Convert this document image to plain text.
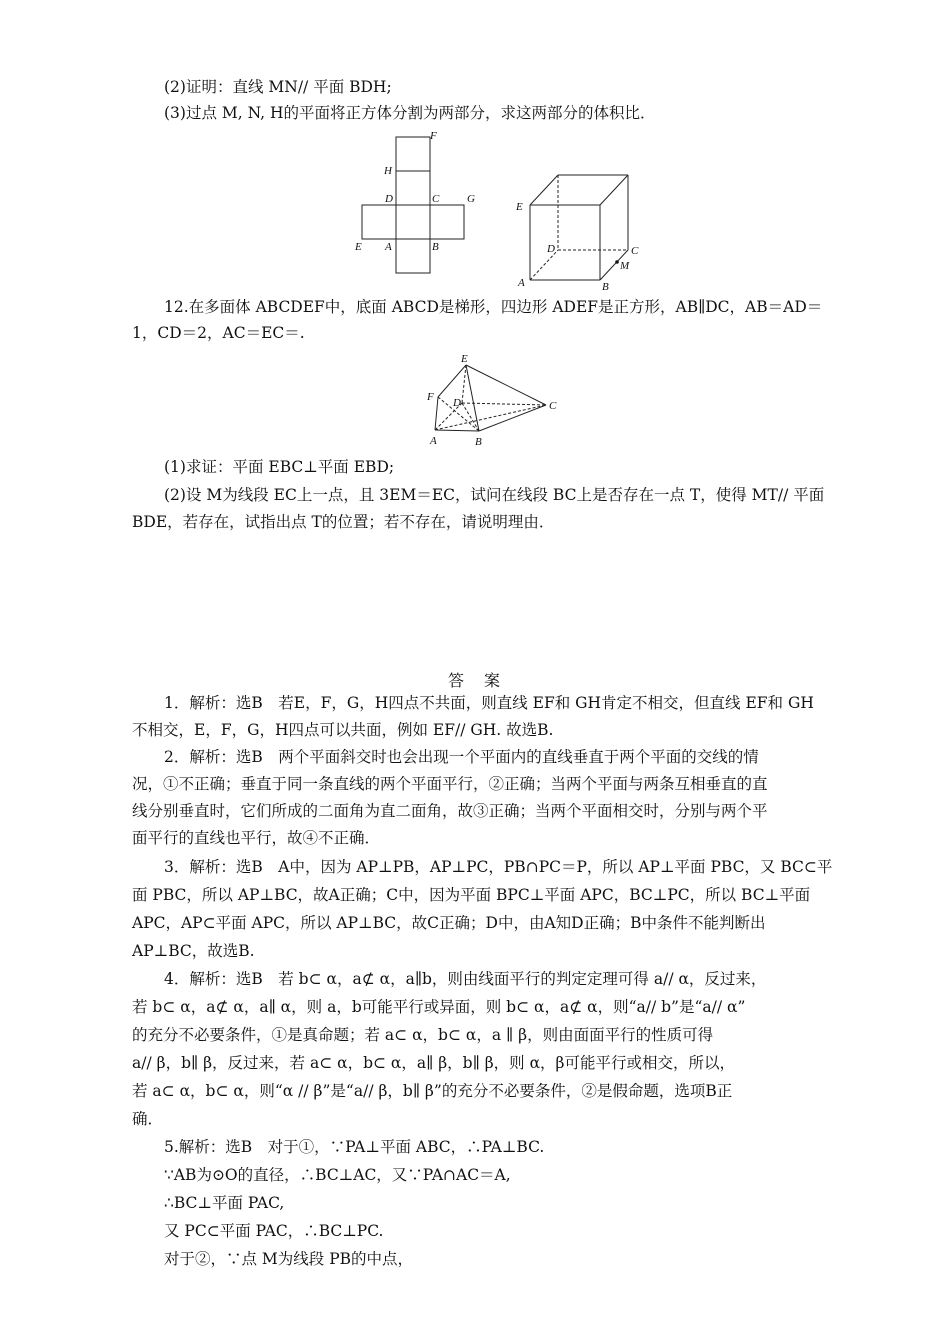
(2)证明：直线 MN// 平面 BDH;
(3)过点 M, N, H的平面将正方体分割为两部分，求这两部分的体积比．
F
H
D	C	G
E A	B
E
D	C
M
A	B
12.在多面体 ABCDEF中，底面 ABCD是梯形，四边形 ADEF是正方形，AB∥DC，AB＝AD＝
1，CD＝2，AC＝EC＝.
E
F D	C
A	B
(1)求证：平面 EBC⊥平面 EBD;
(2)设 M为线段 EC上一点，且 3EM＝EC，试问在线段 BC上是否存在一点 T，使得 MT// 平面
BDE，若存在，试指出点 T的位置；若不存在，请说明理由．
答　案
1．解析：选B　若E，F，G，H四点不共面，则直线 EF和 GH肯定不相交，但直线 EF和 GH
不相交，E，F，G，H四点可以共面，例如 EF// GH. 故选B.
2．解析：选B　两个平面斜交时也会出现一个平面内的直线垂直于两个平面的交线的情
况，①不正确；垂直于同一条直线的两个平面平行，②正确；当两个平面与两条互相垂直的直
线分别垂直时，它们所成的二面角为直二面角，故③正确；当两个平面相交时，分别与两个平
面平行的直线也平行，故④不正确．
3．解析：选B　A中，因为 AP⊥PB，AP⊥PC，PB∩PC＝P，所以 AP⊥平面 PBC，又 BC⊂平
面 PBC，所以 AP⊥BC，故A正确；C中，因为平面 BPC⊥平面 APC，BC⊥PC，所以 BC⊥平面
APC，AP⊂平面 APC，所以 AP⊥BC，故C正确；D中，由A知D正确；B中条件不能判断出
AP⊥BC，故选B.
4．解析：选B　若 b⊂ α，a⊄ α，a∥b，则由线面平行的判定定理可得 a// α，反过来，
若 b⊂ α，a⊄ α，a∥ α，则 a，b可能平行或异面，则 b⊂ α，a⊄ α，则“a// b”是“a// α”
的充分不必要条件，①是真命题；若 a⊂ α，b⊂ α，a ∥ β，则由面面平行的性质可得
a// β，b∥ β，反过来，若 a⊂ α，b⊂ α，a∥ β，b∥ β，则 α，β可能平行或相交，所以，
若 a⊂ α，b⊂ α，则“α // β”是“a// β，b∥ β”的充分不必要条件，②是假命题，选项B正
确．
5.解析：选B　对于①，∵PA⊥平面 ABC，∴PA⊥BC.
∵AB为⊙O的直径，∴BC⊥AC，又∵PA∩AC＝A,
∴BC⊥平面 PAC,
又 PC⊂平面 PAC，∴BC⊥PC.
对于②，∵点 M为线段 PB的中点，
